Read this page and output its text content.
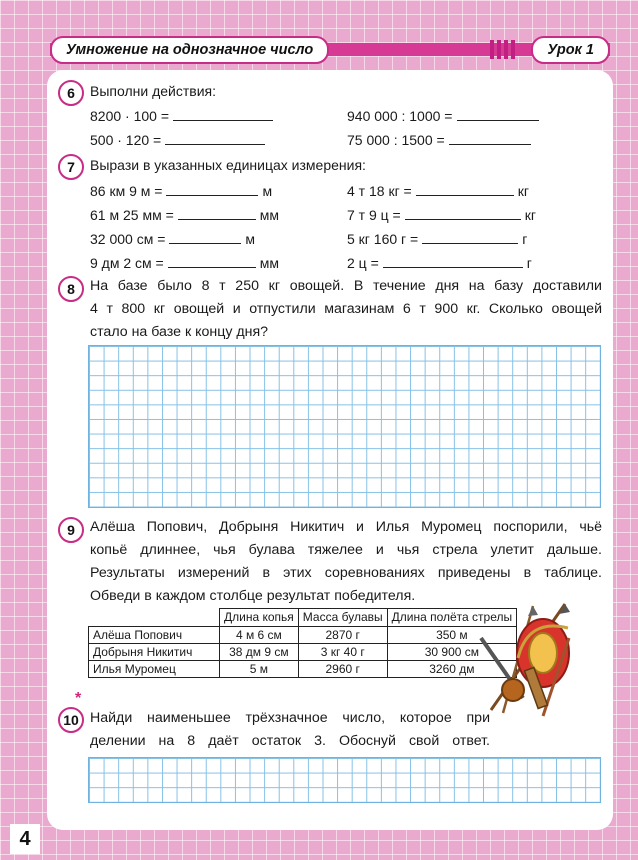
Умножение на однозначное число	Урок 1
6	Выполни действия:
8200 · 100 =	940 000 : 1000 =
500 · 120 =	75 000 : 1500 =
7	Вырази в указанных единицах измерения:
86 км 9 м =	м	4 т 18 кг =	кг
61 м 25 мм =	мм	7 т 9 ц =	кг
32 000 см =	м	5 кг 160 г =	г
9 дм 2 см =	мм	2 ц =	г
8	На базе было 8 т 250 кг овощей. В течение дня на базу доставили
4 т 800 кг овощей и отпустили магазинам 6 т 900 кг. Сколько овощей
стало на базе к концу дня?
9	Алёша Попович, Добрыня Никитич и Илья Муромец поспорили, чьё
копьё длиннее, чья булава тяжелее и чья стрела улетит дальше.
Результаты измерений в этих соревнованиях приведены в таблице.
Обведи в каждом столбце результат победителя.
	Длина копья	Масса булавы	Длина полёта стрелы
Алёша Попович	4 м 6 см	2870 г	350 м
Добрыня Никитич	38 дм 9 см	3 кг 40 г	30 900 см
Илья Муромец	5 м	2960 г	3260 дм
*
10 Найди наименьшее трёхзначное число, которое при
делении на 8 даёт остаток 3. Обоснуй свой ответ.
4
